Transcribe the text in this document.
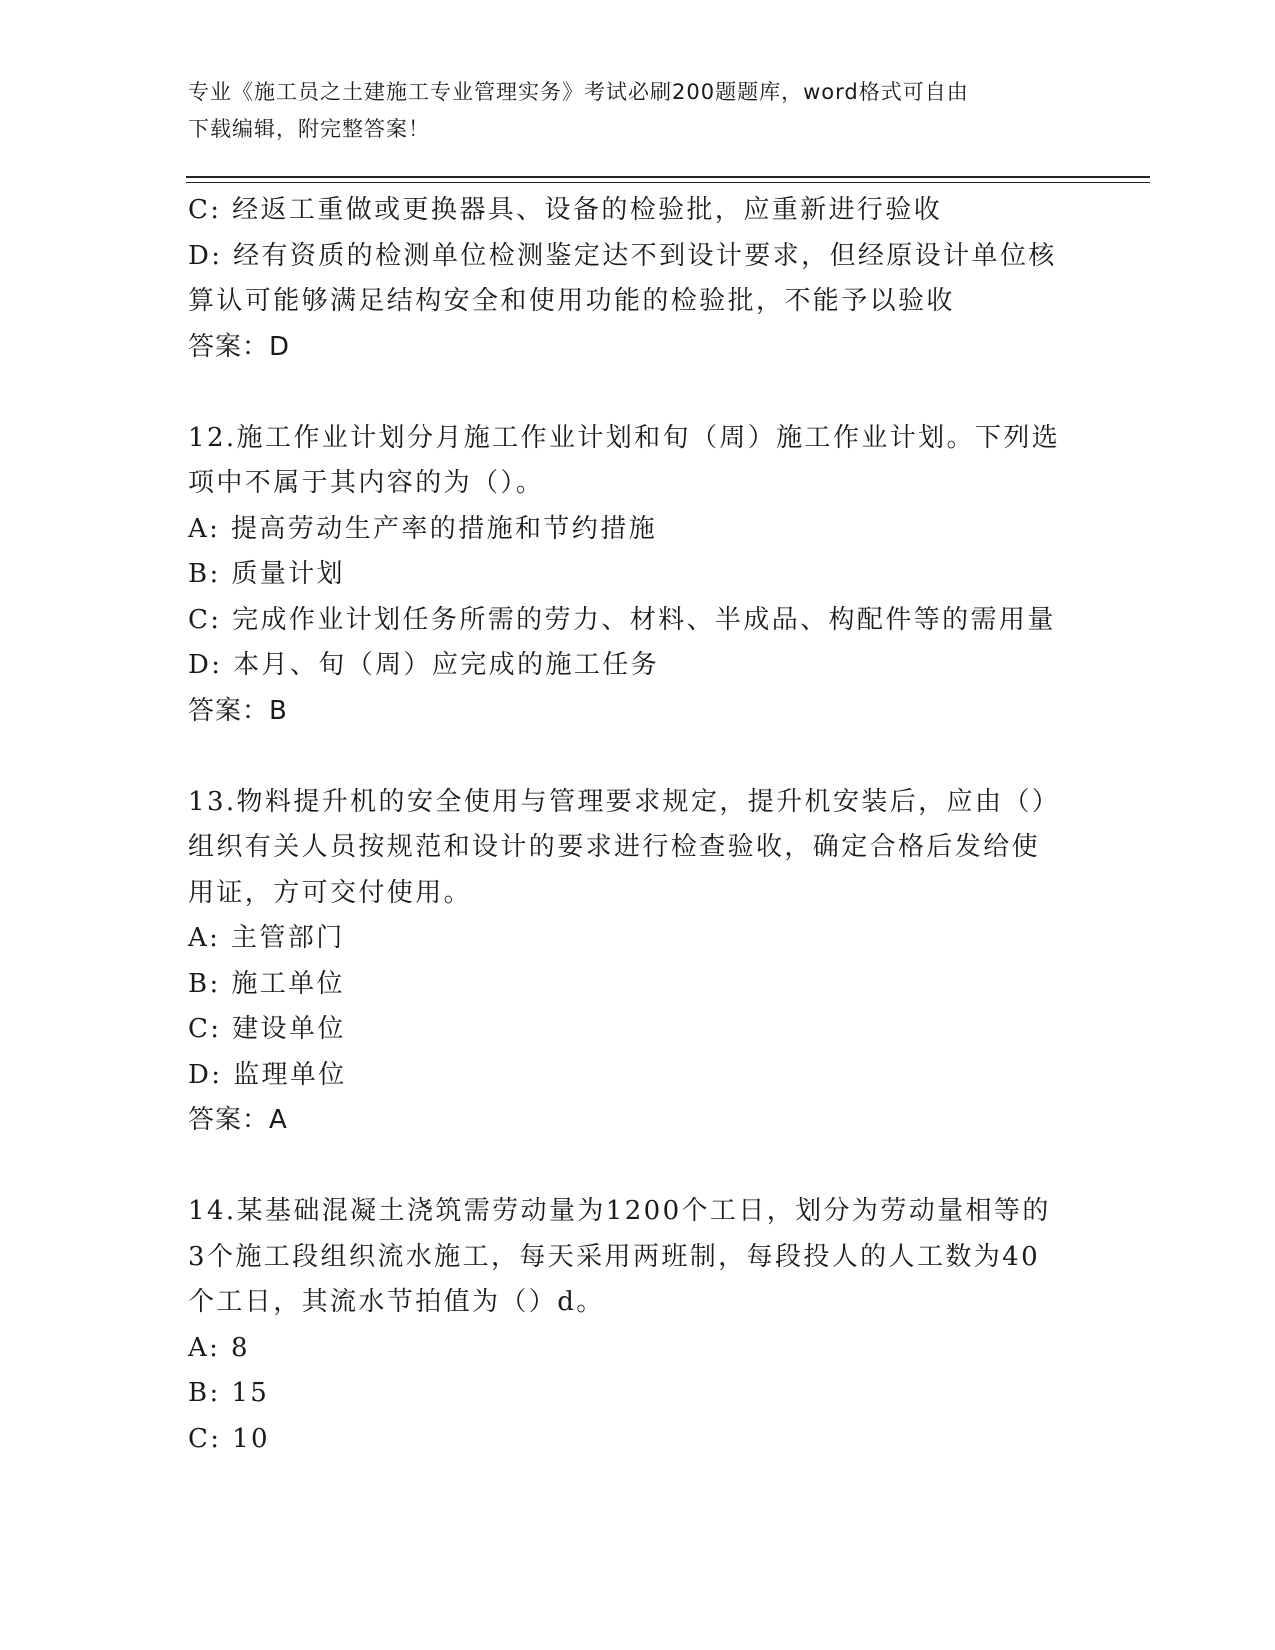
专业《施工员之土建施工专业管理实务》考试必刷200题题库，word格式可自由
下载编辑，附完整答案！
C: 经返工重做或更换器具、设备的检验批，应重新进行验收
D: 经有资质的检测单位检测鉴定达不到设计要求，但经原设计单位核
算认可能够满足结构安全和使用功能的检验批，不能予以验收
答案：D
12.施工作业计划分月施工作业计划和旬（周）施工作业计划。下列选
项中不属于其内容的为（）。
A: 提高劳动生产率的措施和节约措施
B: 质量计划
C: 完成作业计划任务所需的劳力、材料、半成品、构配件等的需用量
D: 本月、旬（周）应完成的施工任务
答案：B
13.物料提升机的安全使用与管理要求规定，提升机安装后，应由（）
组织有关人员按规范和设计的要求进行检查验收，确定合格后发给使
用证，方可交付使用。
A: 主管部门
B: 施工单位
C: 建设单位
D: 监理单位
答案：A
14.某基础混凝土浇筑需劳动量为1200个工日，划分为劳动量相等的
3个施工段组织流水施工，每天采用两班制，每段投人的人工数为40
个工日，其流水节拍值为（）d。
A: 8
B: 15
C: 10
